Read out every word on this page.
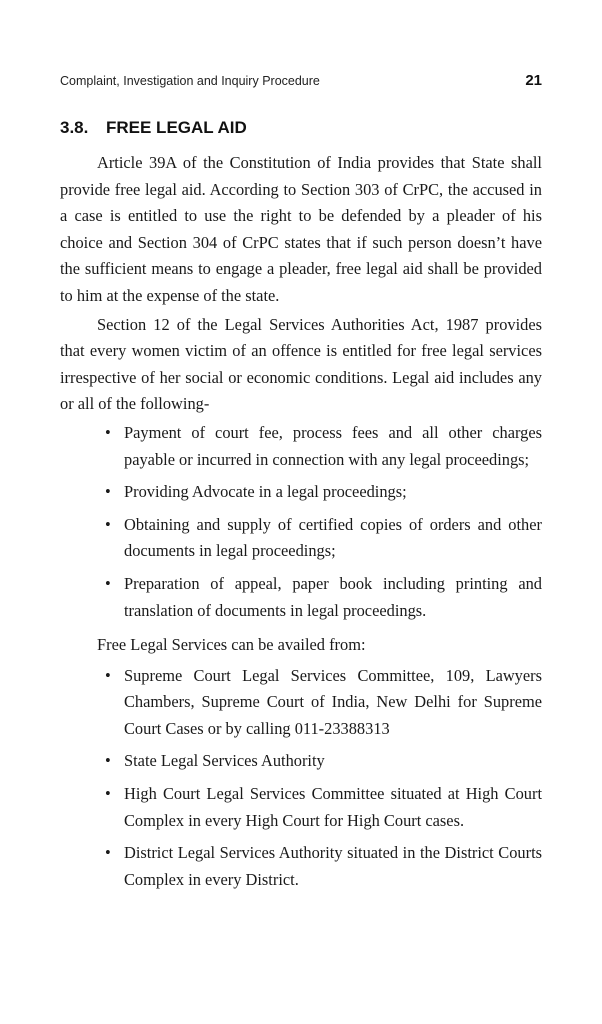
Complaint, Investigation and Inquiry Procedure	21
3.8. FREE LEGAL AID

Article 39A of the Constitution of India provides that State shall provide free legal aid. According to Section 303 of CrPC, the accused in a case is entitled to use the right to be defended by a pleader of his choice and Section 304 of CrPC states that if such person doesn’t have the sufficient means to engage a pleader, free legal aid shall be provided to him at the expense of the state.

Section 12 of the Legal Services Authorities Act, 1987 provides that every women victim of an offence is entitled for free legal services irrespective of her social or economic conditions. Legal aid includes any or all of the following-

• Payment of court fee, process fees and all other charges payable or incurred in connection with any legal proceedings;
• Providing Advocate in a legal proceedings;
• Obtaining and supply of certified copies of orders and other documents in legal proceedings;
• Preparation of appeal, paper book including printing and translation of documents in legal proceedings.

Free Legal Services can be availed from:

• Supreme Court Legal Services Committee, 109, Lawyers Chambers, Supreme Court of India, New Delhi for Supreme Court Cases or by calling 011-23388313
• State Legal Services Authority
• High Court Legal Services Committee situated at High Court Complex in every High Court for High Court cases.
• District Legal Services Authority situated in the District Courts Complex in every District.
